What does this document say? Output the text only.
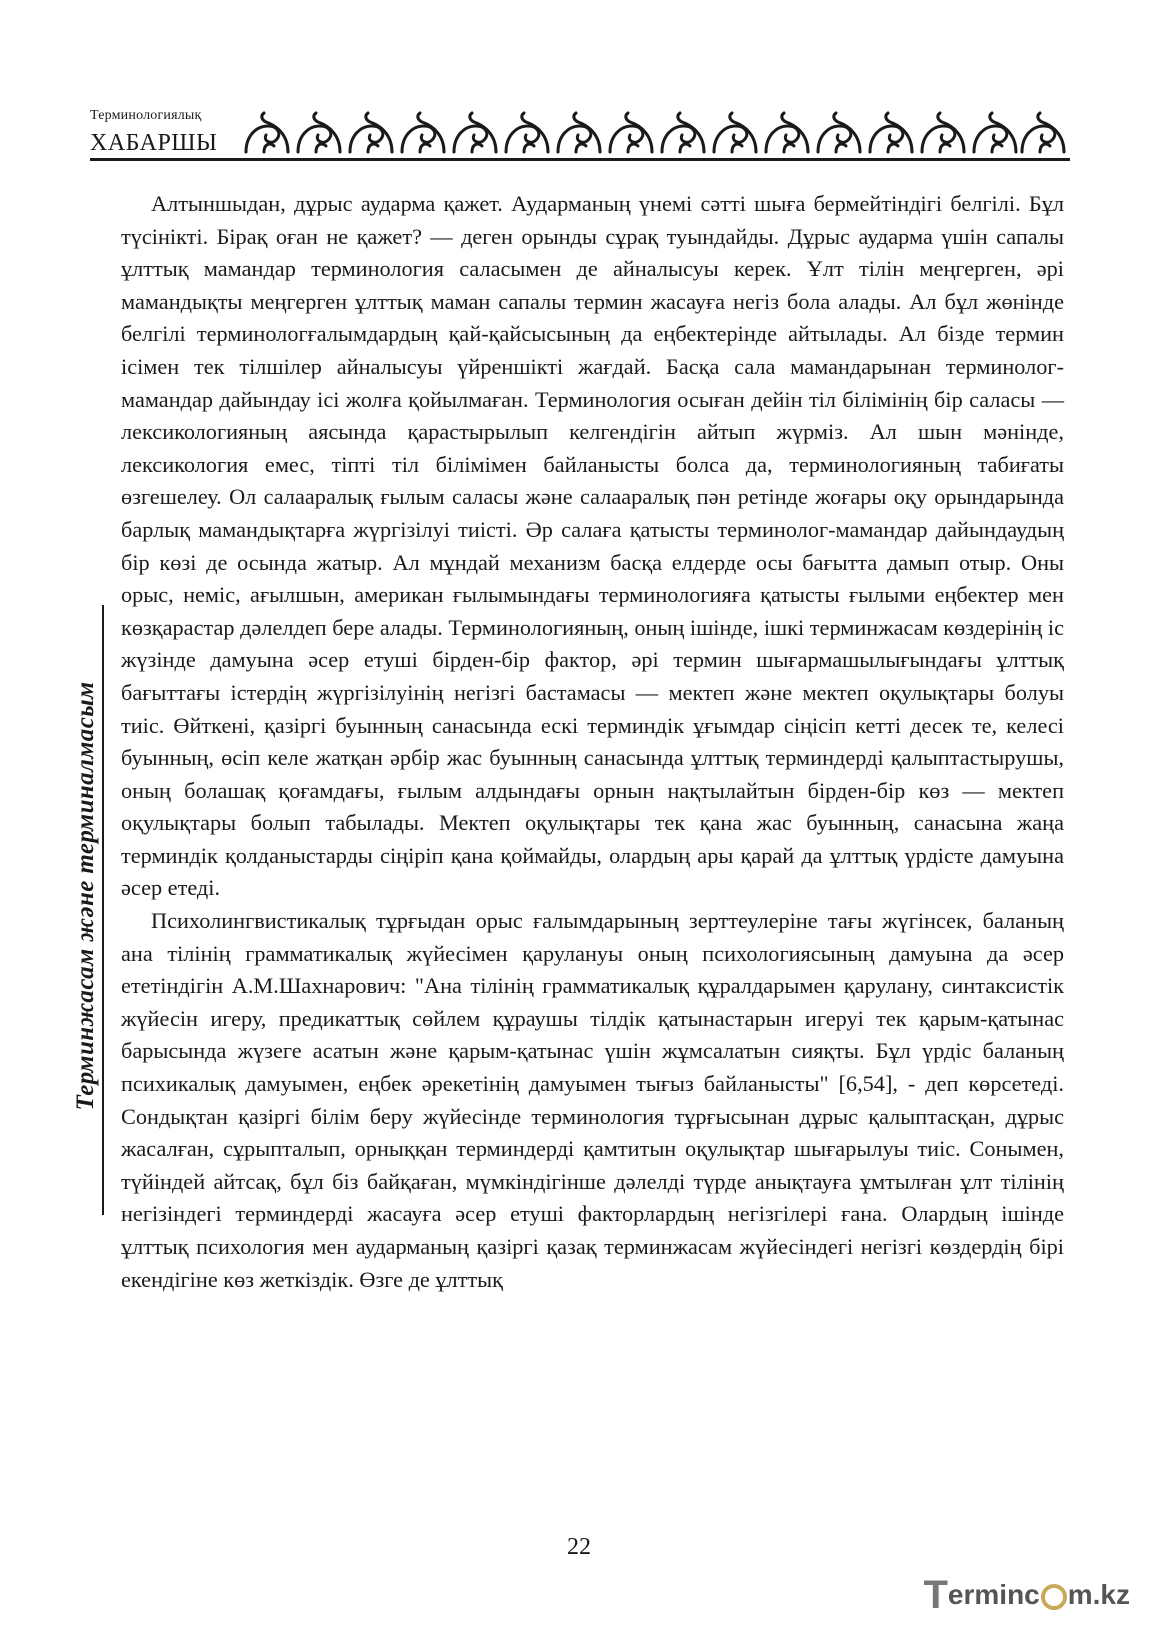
Терминологиялық
ХАБАРШЫ
Терминжасам және терминалмасым

Алтыншыдан, дұрыс аударма қажет. Аударманың үнемі сәтті шыға бермейтіндігі белгілі. Бұл түсінікті. Бірақ оған не қажет? — деген орынды сұрақ туындайды. Дұрыс аударма үшін сапалы ұлттық мамандар терминология саласымен де айналысуы керек. Ұлт тілін меңгерген, әрі мамандықты меңгерген ұлттық маман сапалы термин жасауға негіз бола алады. Ал бұл жөнінде белгілі терминологғалымдардың қай-қайсысының да еңбектерінде айтылады. Ал бізде термин ісімен тек тілшілер айналысуы үйреншікті жағдай. Басқа сала мамандарынан терминолог-мамандар дайындау ісі жолға қойылмаған. Терминология осыған дейін тіл білімінің бір саласы — лексикологияның аясында қарастырылып келгендігін айтып жүрміз. Ал шын мәнінде, лексикология емес, тіпті тіл білімімен байланысты болса да, терминологияның табиғаты өзгешелеу. Ол салааралық ғылым саласы және салааралық пән ретінде жоғары оқу орындарында барлық мамандықтарға жүргізілуі тиісті. Әр салаға қатысты терминолог-мамандар дайындаудың бір көзі де осында жатыр. Ал мұндай механизм басқа елдерде осы бағытта дамып отыр. Оны орыс, неміс, ағылшын, американ ғылымындағы терминологияға қатысты ғылыми еңбектер мен көзқарастар дәлелдеп бере алады. Терминологияның, оның ішінде, ішкі терминжасам көздерінің іс жүзінде дамуына әсер етуші бірден-бір фактор, әрі термин шығармашылығындағы ұлттық бағыттағы істердің жүргізілуінің негізгі бастамасы — мектеп және мектеп оқулықтары болуы тиіс. Өйткені, қазіргі буынның санасында ескі терминдік ұғымдар сіңісіп кетті десек те, келесі буынның, өсіп келе жатқан әрбір жас буынның санасында ұлттық терминдерді қалыптастырушы, оның болашақ қоғамдағы, ғылым алдындағы орнын нақтылайтын бірден-бір көз — мектеп оқулықтары болып табылады. Мектеп оқулықтары тек қана жас буынның, санасына жаңа терминдік қолданыстарды сіңіріп қана қоймайды, олардың ары қарай да ұлттық үрдісте дамуына әсер етеді.

Психолингвистикалық тұрғыдан орыс ғалымдарының зерттеулеріне тағы жүгінсек, баланың ана тілінің грамматикалық жүйесімен қарулануы оның психологиясының дамуына да әсер ететіндігін А.М.Шахнарович: "Ана тілінің грамматикалық құралдарымен қарулану, синтаксистік жүйесін игеру, предикаттық сөйлем құраушы тілдік қатынастарын игеруі тек қарым-қатынас барысында жүзеге асатын және қарым-қатынас үшін жұмсалатын сияқты. Бұл үрдіс баланың психикалық дамуымен, еңбек әрекетінің дамуымен тығыз байланысты" [6,54], - деп көрсетеді. Сондықтан қазіргі білім беру жүйесінде терминология тұрғысынан дұрыс қалыптасқан, дұрыс жасалған, сұрыпталып, орныққан терминдерді қамтитын оқулықтар шығарылуы тиіс. Сонымен, түйіндей айтсақ, бұл біз байқаған, мүмкіндігінше дәлелді түрде анықтауға ұмтылған ұлт тілінің негізіндегі терминдерді жасауға әсер етуші факторлардың негізгілері ғана. Олардың ішінде ұлттық психология мен аударманың қазіргі қазақ терминжасам жүйесіндегі негізгі көздердің бірі екендігіне көз жеткіздік. Өзге де ұлттық

22
T erminc m.kz
